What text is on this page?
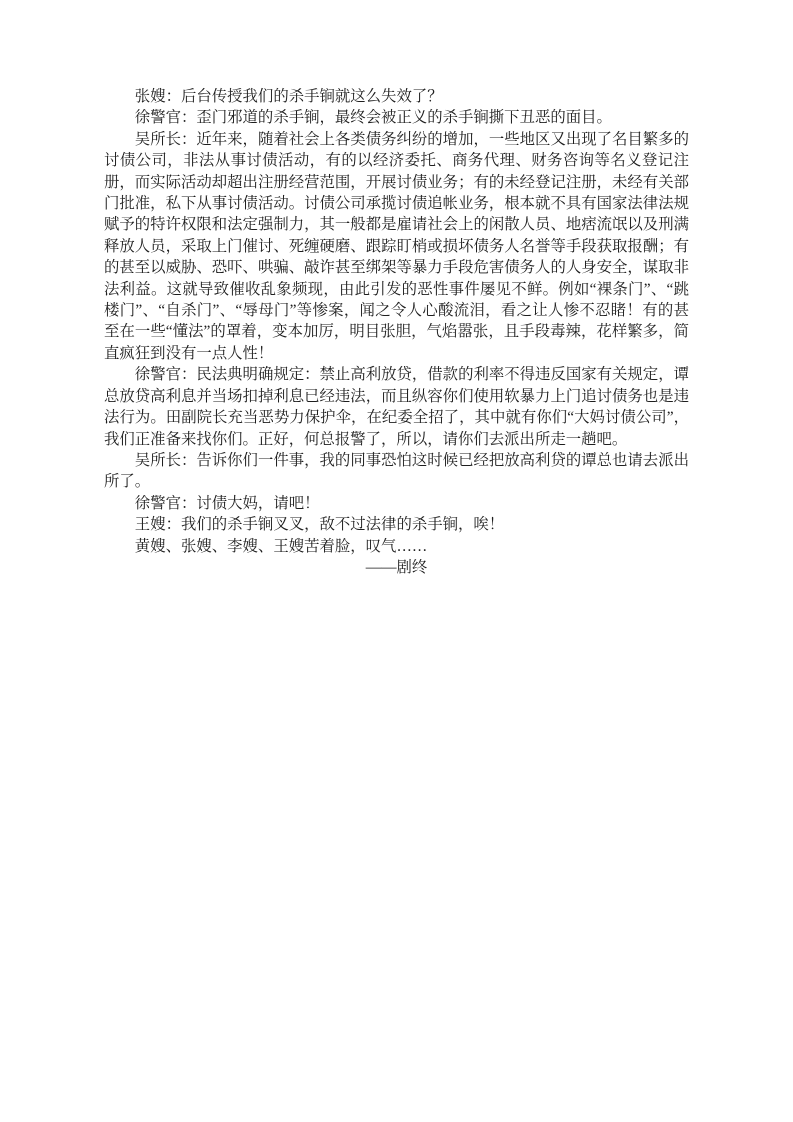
张嫂：后台传授我们的杀手锏就这么失效了？

徐警官：歪门邪道的杀手锏，最终会被正义的杀手锏撕下丑恶的面目。

吴所长：近年来，随着社会上各类债务纠纷的增加，一些地区又出现了名目繁多的讨债公司，非法从事讨债活动，有的以经济委托、商务代理、财务咨询等名义登记注册，而实际活动却超出注册经营范围，开展讨债业务；有的未经登记注册，未经有关部门批准，私下从事讨债活动。讨债公司承揽讨债追帐业务，根本就不具有国家法律法规赋予的特许权限和法定强制力，其一般都是雇请社会上的闲散人员、地痞流氓以及刑满释放人员，采取上门催讨、死缠硬磨、跟踪盯梢或损坏债务人名誉等手段获取报酬；有的甚至以威胁、恐吓、哄骗、敲诈甚至绑架等暴力手段危害债务人的人身安全，谋取非法利益。这就导致催收乱象频现，由此引发的恶性事件屡见不鲜。例如“裸条门”、“跳楼门”、“自杀门”、“辱母门”等惨案，闻之令人心酸流泪，看之让人惨不忍睹！有的甚至在一些“懂法”的罩着，变本加厉，明目张胆，气焰嚣张，且手段毒辣，花样繁多，简直疯狂到没有一点人性！

徐警官：民法典明确规定：禁止高利放贷，借款的利率不得违反国家有关规定，谭总放贷高利息并当场扣掉利息已经违法，而且纵容你们使用软暴力上门追讨债务也是违法行为。田副院长充当恶势力保护伞，在纪委全招了，其中就有你们“大妈讨债公司”，我们正准备来找你们。正好，何总报警了，所以，请你们去派出所走一趟吧。

吴所长：告诉你们一件事，我的同事恐怕这时候已经把放高利贷的谭总也请去派出所了。

徐警官：讨债大妈，请吧！

王嫂：我们的杀手锏叉叉，敌不过法律的杀手锏，唉！

黄嫂、张嫂、李嫂、王嫂苦着脸，叹气……

——剧终
